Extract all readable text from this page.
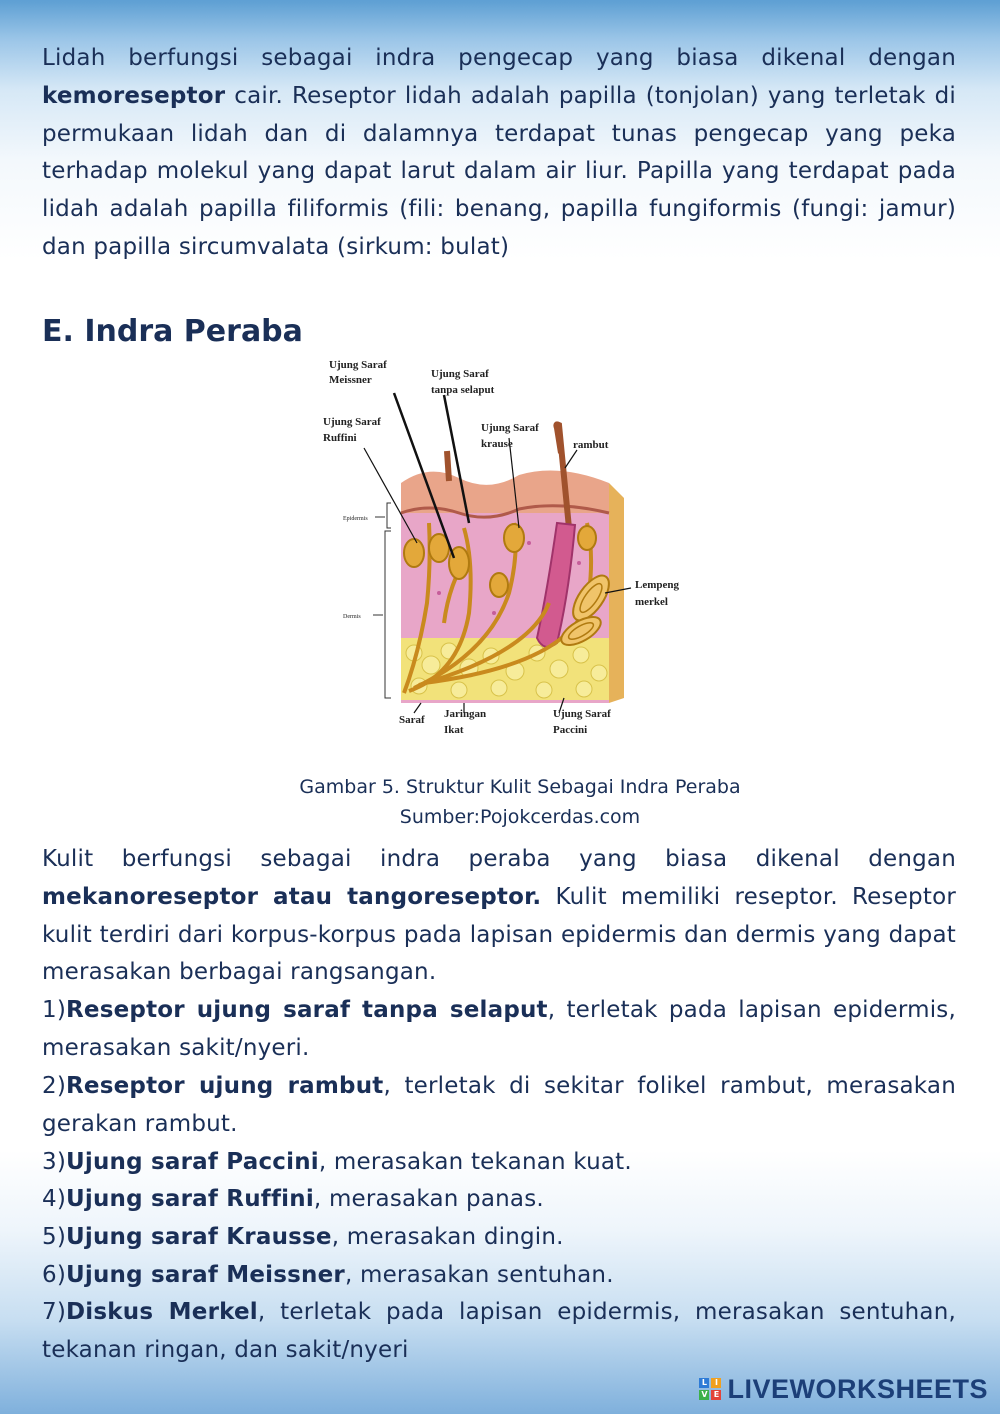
Lidah berfungsi sebagai indra pengecap yang biasa dikenal dengan kemoreseptor cair. Reseptor lidah adalah papilla (tonjolan) yang terletak di permukaan lidah dan di dalamnya terdapat tunas pengecap yang peka terhadap molekul yang dapat larut dalam air liur. Papilla yang terdapat pada lidah adalah papilla filiformis (fili: benang, papilla fungiformis (fungi: jamur) dan papilla sircumvalata (sirkum: bulat)

E. Indra Peraba
Ujung Saraf
Meissner	Ujung Saraf
tanpa selaput
Ujung Saraf
Ruffini
Ujung Saraf
krause	rambut
Lempeng
merkel
Saraf Jaringan
Ikat
Ujung Saraf
Paccini
Epidermis
Dermis
Gambar 5. Struktur Kulit Sebagai Indra Peraba
Sumber:Pojokcerdas.com

Kulit berfungsi sebagai indra peraba yang biasa dikenal dengan mekanoreseptor atau tangoreseptor. Kulit memiliki reseptor. Reseptor kulit terdiri dari korpus-korpus pada lapisan epidermis dan dermis yang dapat merasakan berbagai rangsangan.

1)Reseptor ujung saraf tanpa selaput, terletak pada lapisan epidermis, merasakan sakit/nyeri.

2)Reseptor ujung rambut, terletak di sekitar folikel rambut, merasakan gerakan rambut.

3)Ujung saraf Paccini, merasakan tekanan kuat.

4)Ujung saraf Ruffini, merasakan panas.

5)Ujung saraf Krausse, merasakan dingin.

6)Ujung saraf Meissner, merasakan sentuhan.

7)Diskus Merkel, terletak pada lapisan epidermis, merasakan sentuhan, tekanan ringan, dan sakit/nyeri

L I
V E LIVEWORKSHEETS
